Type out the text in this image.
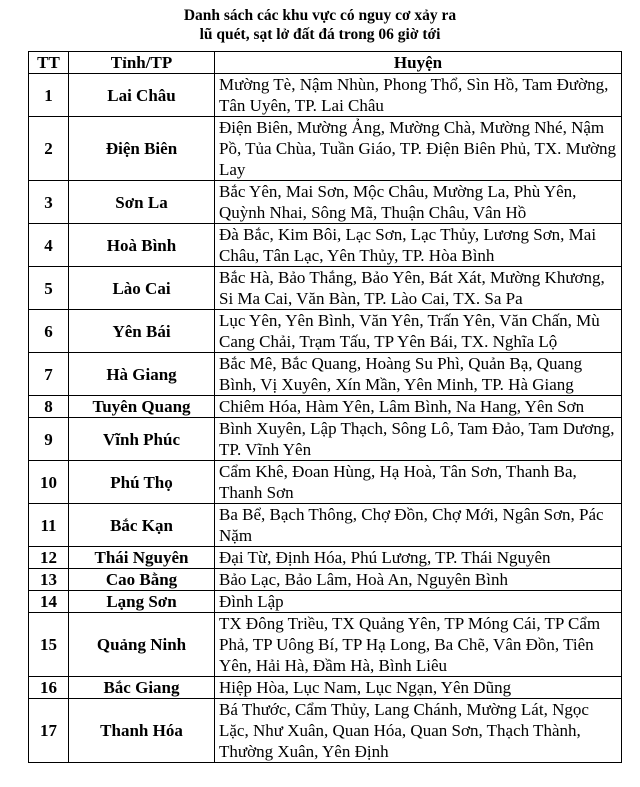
Danh sách các khu vực có nguy cơ xảy ra
lũ quét, sạt lở đất đá trong 06 giờ tới
TT	Tỉnh/TP	Huyện
1	Lai Châu	Mường Tè, Nậm Nhùn, Phong Thổ, Sìn Hồ, Tam Đường, Tân Uyên, TP. Lai Châu
2	Điện Biên	Điện Biên, Mường Ảng, Mường Chà, Mường Nhé, Nậm Pồ, Tủa Chùa, Tuần Giáo, TP. Điện Biên Phủ, TX. Mường Lay
3	Sơn La	Bắc Yên, Mai Sơn, Mộc Châu, Mường La, Phù Yên, Quỳnh Nhai, Sông Mã, Thuận Châu, Vân Hồ
4	Hoà Bình	Đà Bắc, Kim Bôi, Lạc Sơn, Lạc Thủy, Lương Sơn, Mai Châu, Tân Lạc, Yên Thủy, TP. Hòa Bình
5	Lào Cai	Bắc Hà, Bảo Thắng, Bảo Yên, Bát Xát, Mường Khương, Si Ma Cai, Văn Bàn, TP. Lào Cai, TX. Sa Pa
6	Yên Bái	Lục Yên, Yên Bình, Văn Yên, Trấn Yên, Văn Chấn, Mù Cang Chải, Trạm Tấu, TP Yên Bái, TX. Nghĩa Lộ
7	Hà Giang	Bắc Mê, Bắc Quang, Hoàng Su Phì, Quản Bạ, Quang Bình, Vị Xuyên, Xín Mần, Yên Minh, TP. Hà Giang
8	Tuyên Quang	Chiêm Hóa, Hàm Yên, Lâm Bình, Na Hang, Yên Sơn
9	Vĩnh Phúc	Bình Xuyên, Lập Thạch, Sông Lô, Tam Đảo, Tam Dương, TP. Vĩnh Yên
10	Phú Thọ	Cẩm Khê, Đoan Hùng, Hạ Hoà, Tân Sơn, Thanh Ba, Thanh Sơn
11	Bắc Kạn	Ba Bể, Bạch Thông, Chợ Đồn, Chợ Mới, Ngân Sơn, Pác Nặm
12	Thái Nguyên	Đại Từ, Định Hóa, Phú Lương, TP. Thái Nguyên
13	Cao Bằng	Bảo Lạc, Bảo Lâm, Hoà An, Nguyên Bình
14	Lạng Sơn	Đình Lập
15	Quảng Ninh	TX Đông Triều, TX Quảng Yên, TP Móng Cái, TP Cẩm Phả, TP Uông Bí, TP Hạ Long, Ba Chẽ, Vân Đồn, Tiên Yên, Hải Hà, Đầm Hà, Bình Liêu
16	Bắc Giang	Hiệp Hòa, Lục Nam, Lục Ngạn, Yên Dũng
17	Thanh Hóa	Bá Thước, Cẩm Thủy, Lang Chánh, Mường Lát, Ngọc Lặc, Như Xuân, Quan Hóa, Quan Sơn, Thạch Thành, Thường Xuân, Yên Định
